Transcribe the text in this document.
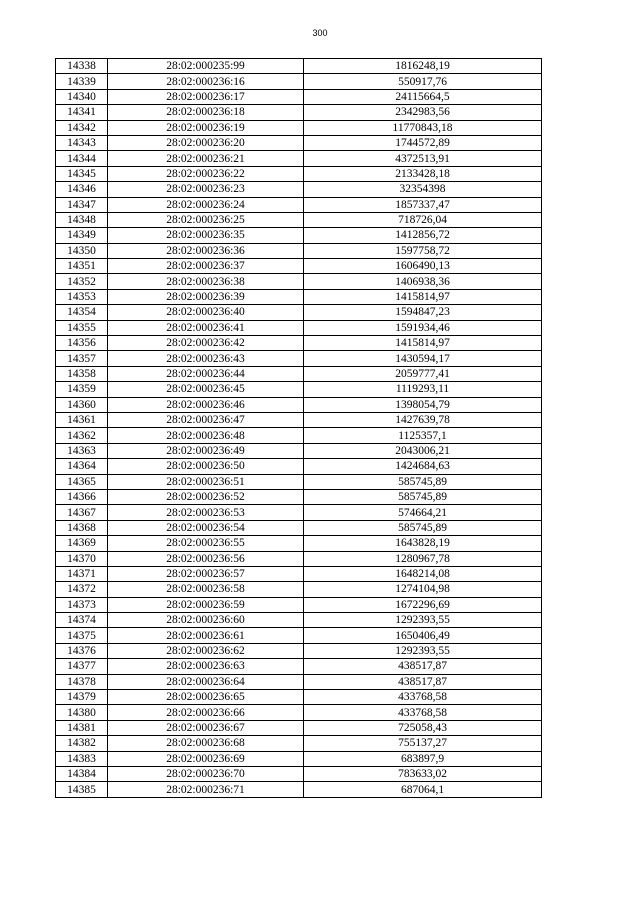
300
14338	28:02:000235:99	1816248,19
14339	28:02:000236:16	550917,76
14340	28:02:000236:17	24115664,5
14341	28:02:000236:18	2342983,56
14342	28:02:000236:19	11770843,18
14343	28:02:000236:20	1744572,89
14344	28:02:000236:21	4372513,91
14345	28:02:000236:22	2133428,18
14346	28:02:000236:23	32354398
14347	28:02:000236:24	1857337,47
14348	28:02:000236:25	718726,04
14349	28:02:000236:35	1412856,72
14350	28:02:000236:36	1597758,72
14351	28:02:000236:37	1606490,13
14352	28:02:000236:38	1406938,36
14353	28:02:000236:39	1415814,97
14354	28:02:000236:40	1594847,23
14355	28:02:000236:41	1591934,46
14356	28:02:000236:42	1415814,97
14357	28:02:000236:43	1430594,17
14358	28:02:000236:44	2059777,41
14359	28:02:000236:45	1119293,11
14360	28:02:000236:46	1398054,79
14361	28:02:000236:47	1427639,78
14362	28:02:000236:48	1125357,1
14363	28:02:000236:49	2043006,21
14364	28:02:000236:50	1424684,63
14365	28:02:000236:51	585745,89
14366	28:02:000236:52	585745,89
14367	28:02:000236:53	574664,21
14368	28:02:000236:54	585745,89
14369	28:02:000236:55	1643828,19
14370	28:02:000236:56	1280967,78
14371	28:02:000236:57	1648214,08
14372	28:02:000236:58	1274104,98
14373	28:02:000236:59	1672296,69
14374	28:02:000236:60	1292393,55
14375	28:02:000236:61	1650406,49
14376	28:02:000236:62	1292393,55
14377	28:02:000236:63	438517,87
14378	28:02:000236:64	438517,87
14379	28:02:000236:65	433768,58
14380	28:02:000236:66	433768,58
14381	28:02:000236:67	725058,43
14382	28:02:000236:68	755137,27
14383	28:02:000236:69	683897,9
14384	28:02:000236:70	783633,02
14385	28:02:000236:71	687064,1
